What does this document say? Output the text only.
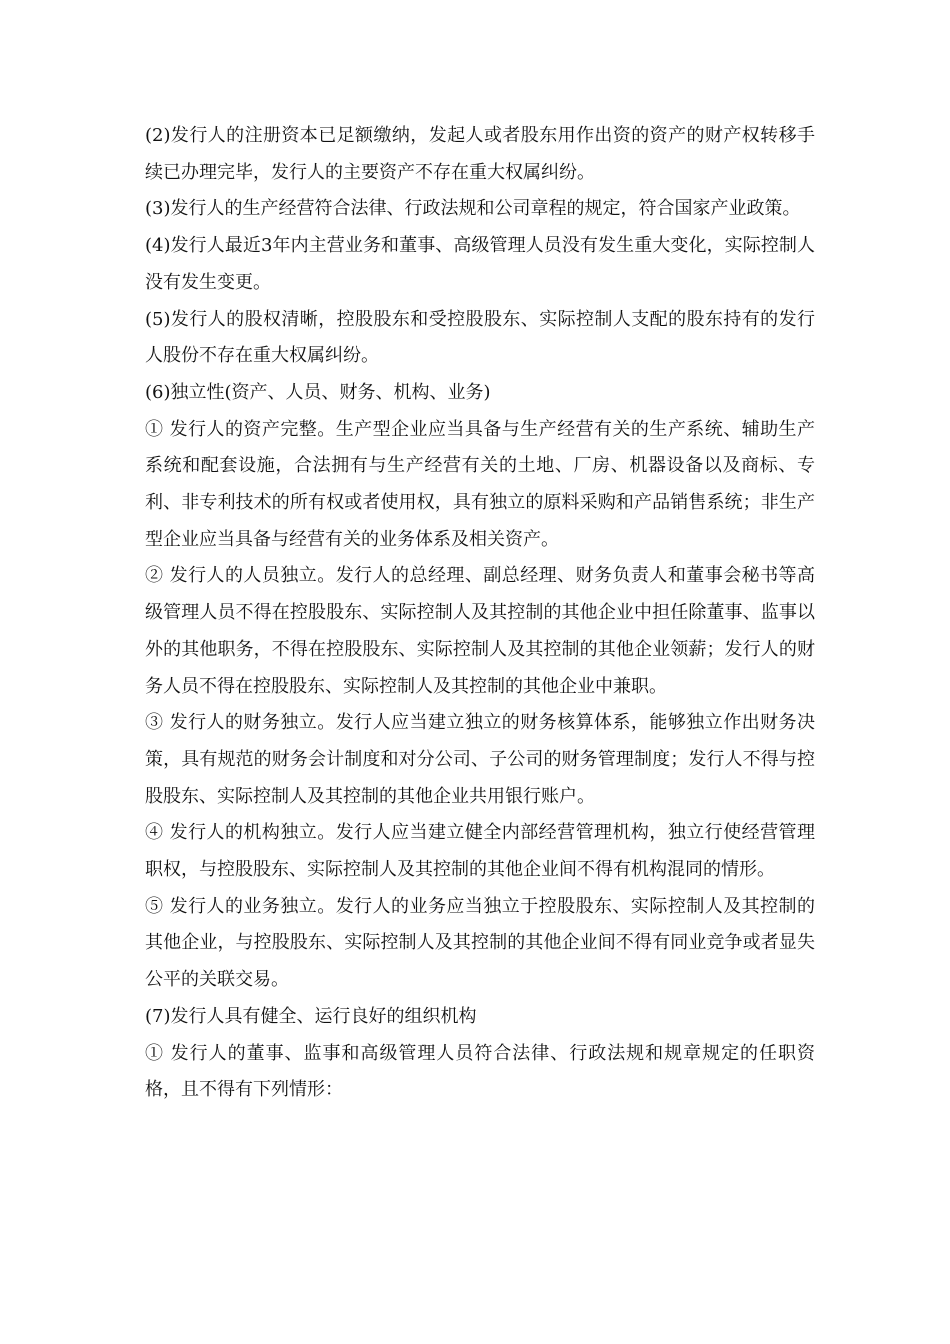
(2)发行人的注册资本已足额缴纳，发起人或者股东用作出资的资产的财产权转移手续已办理完毕，发行人的主要资产不存在重大权属纠纷。

(3)发行人的生产经营符合法律、行政法规和公司章程的规定，符合国家产业政策。

(4)发行人最近3年内主营业务和董事、高级管理人员没有发生重大变化，实际控制人没有发生变更。

(5)发行人的股权清晰，控股股东和受控股股东、实际控制人支配的股东持有的发行人股份不存在重大权属纠纷。

(6)独立性(资产、人员、财务、机构、业务)

① 发行人的资产完整。生产型企业应当具备与生产经营有关的生产系统、辅助生产系统和配套设施，合法拥有与生产经营有关的土地、厂房、机器设备以及商标、专利、非专利技术的所有权或者使用权，具有独立的原料采购和产品销售系统；非生产型企业应当具备与经营有关的业务体系及相关资产。

② 发行人的人员独立。发行人的总经理、副总经理、财务负责人和董事会秘书等高级管理人员不得在控股股东、实际控制人及其控制的其他企业中担任除董事、监事以外的其他职务，不得在控股股东、实际控制人及其控制的其他企业领薪；发行人的财务人员不得在控股股东、实际控制人及其控制的其他企业中兼职。

③ 发行人的财务独立。发行人应当建立独立的财务核算体系，能够独立作出财务决策，具有规范的财务会计制度和对分公司、子公司的财务管理制度；发行人不得与控股股东、实际控制人及其控制的其他企业共用银行账户。

④ 发行人的机构独立。发行人应当建立健全内部经营管理机构，独立行使经营管理职权，与控股股东、实际控制人及其控制的其他企业间不得有机构混同的情形。

⑤ 发行人的业务独立。发行人的业务应当独立于控股股东、实际控制人及其控制的其他企业，与控股股东、实际控制人及其控制的其他企业间不得有同业竞争或者显失公平的关联交易。

(7)发行人具有健全、运行良好的组织机构

① 发行人的董事、监事和高级管理人员符合法律、行政法规和规章规定的任职资格，且不得有下列情形：
